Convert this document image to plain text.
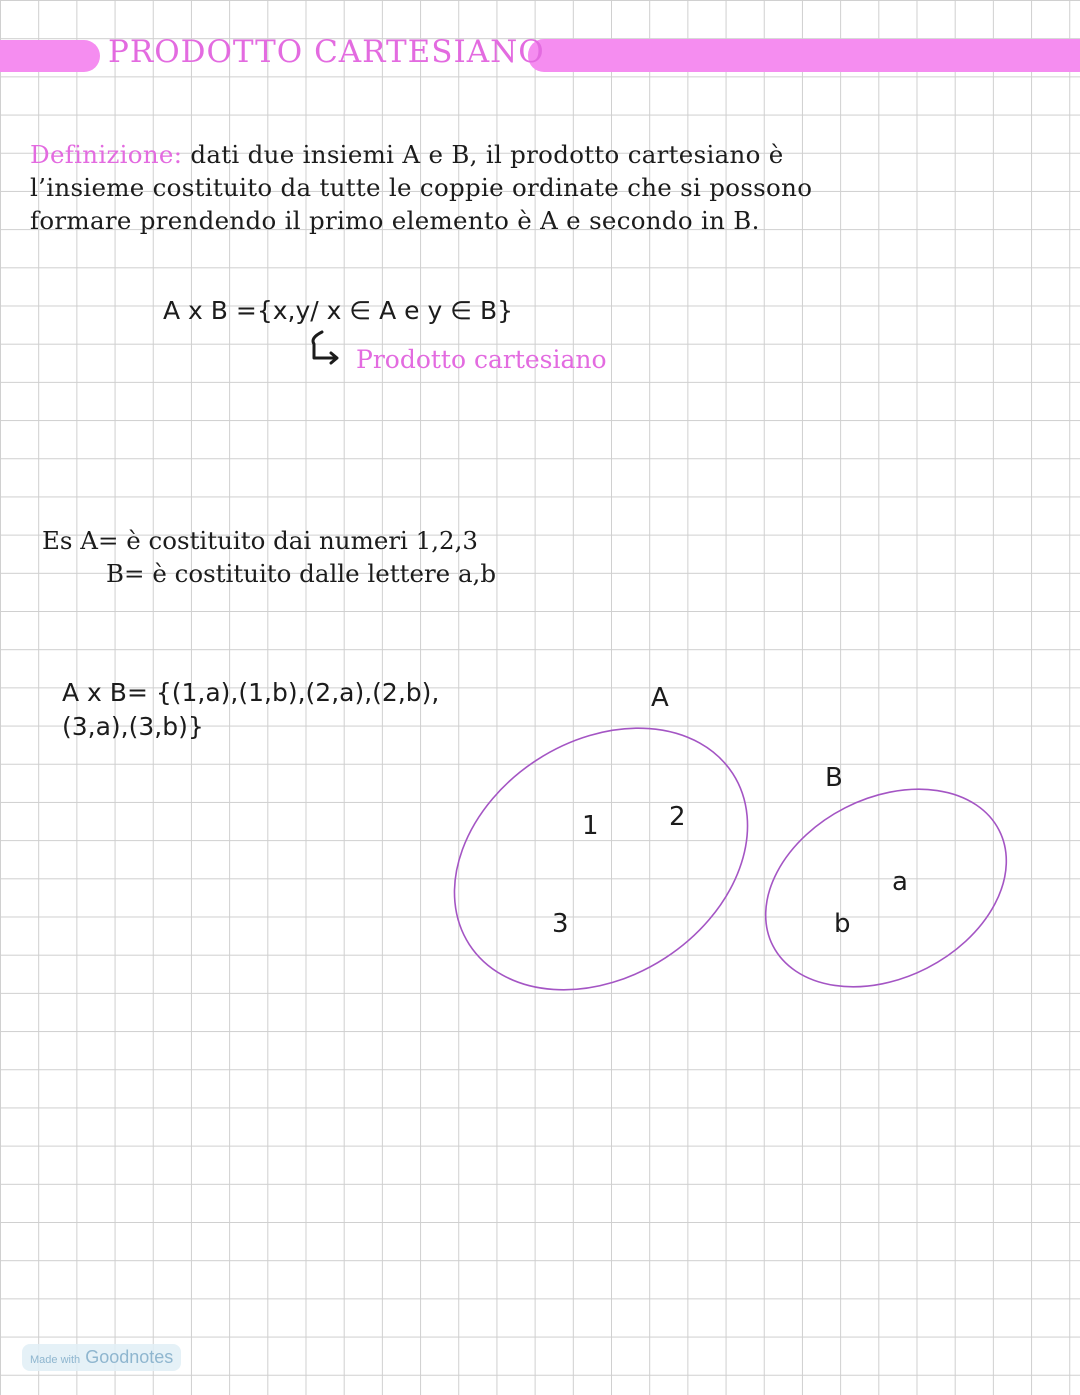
PRODOTTO CARTESIANO
Definizione: dati due insiemi A e B, il prodotto cartesiano è
l’insieme costituito da tutte le coppie ordinate che si possono
formare prendendo il primo elemento è A e secondo in B.
A x B ={x,y/ x ∈ A e y ∈ B}
Prodotto cartesiano
Es A= è costituito dai numeri 1,2,3
B= è costituito dalle lettere a,b
A x B= {(1,a),(1,b),(2,a),(2,b),
(3,a),(3,b)}
A
1	2
3
B
a
b
Made with Goodnotes
